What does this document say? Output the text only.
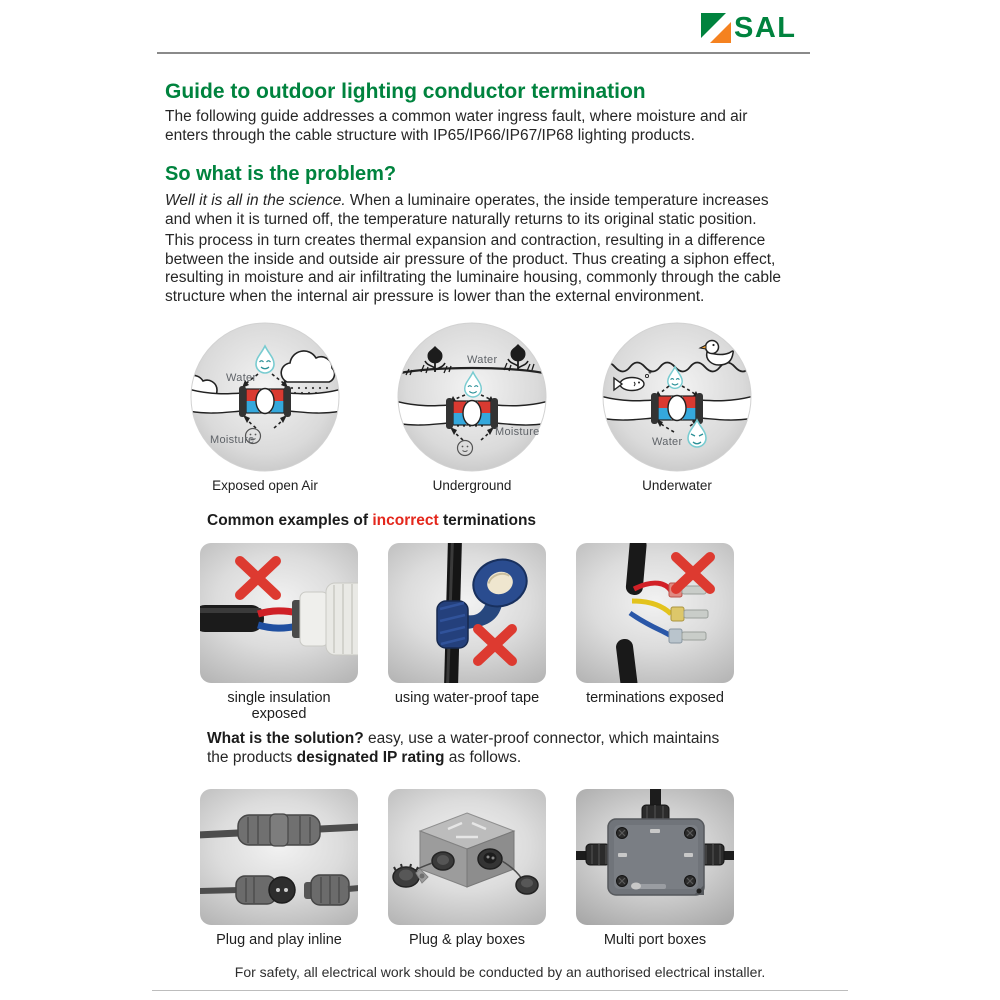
SAL
Guide to outdoor lighting conductor termination
The following guide addresses a common water ingress fault, where moisture and air enters through the cable structure with IP65/IP66/IP67/IP68 lighting products.
So what is the problem?
Well it is all in the science. When a luminaire operates, the inside temperature increases and when it is turned off, the temperature naturally returns to its original static position.
This process in turn creates thermal expansion and contraction, resulting in a difference between the inside and outside air pressure of the product. Thus creating a siphon effect, resulting in moisture and air infiltrating the luminaire housing, commonly through the cable structure when the internal air pressure is lower than the external environment.
Water
Moisture
Exposed open Air
Water
Moisture
Underground
Water
Underwater
Common examples of incorrect terminations
single insulation exposed
using water-proof tape	terminations exposed
What is the solution? easy, use a water-proof connector, which maintains the products designated IP rating as follows.
Plug and play inline	Plug & play boxes	Multi port boxes
For safety, all electrical work should be conducted by an authorised electrical installer.
